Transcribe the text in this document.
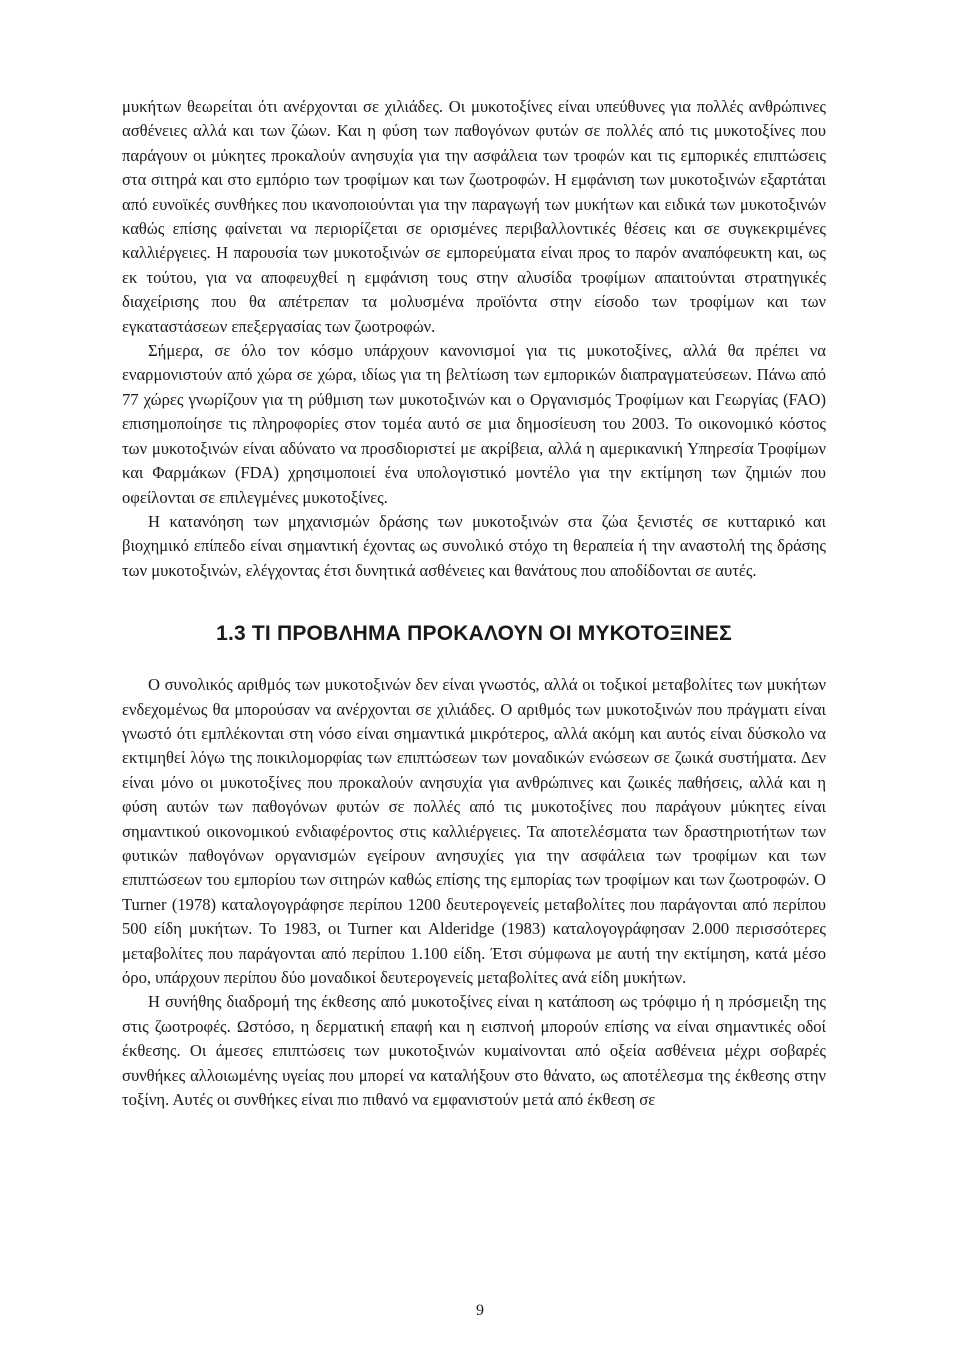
μυκήτων θεωρείται ότι ανέρχονται σε χιλιάδες. Οι μυκοτοξίνες είναι υπεύθυνες για πολλές ανθρώπινες ασθένειες αλλά και των ζώων. Και η φύση των παθογόνων φυτών σε πολλές από τις μυκοτοξίνες που παράγουν οι μύκητες προκαλούν ανησυχία για την ασφάλεια των τροφών και τις εμπορικές επιπτώσεις στα σιτηρά και στο εμπόριο των τροφίμων και των ζωοτροφών. Η εμφάνιση των μυκοτοξινών εξαρτάται από ευνοϊκές συνθήκες που ικανοποιούνται για την παραγωγή των μυκήτων και ειδικά των μυκοτοξινών καθώς επίσης φαίνεται να περιορίζεται σε ορισμένες περιβαλλοντικές θέσεις και σε συγκεκριμένες καλλιέργειες. Η παρουσία των μυκοτοξινών σε εμπορεύματα είναι προς το παρόν αναπόφευκτη και, ως εκ τούτου, για να αποφευχθεί η εμφάνιση τους στην αλυσίδα τροφίμων απαιτούνται στρατηγικές διαχείρισης που θα απέτρεπαν τα μολυσμένα προϊόντα στην είσοδο των τροφίμων και των εγκαταστάσεων επεξεργασίας των ζωοτροφών.

Σήμερα, σε όλο τον κόσμο υπάρχουν κανονισμοί για τις μυκοτοξίνες, αλλά θα πρέπει να εναρμονιστούν από χώρα σε χώρα, ιδίως για τη βελτίωση των εμπορικών διαπραγματεύσεων. Πάνω από 77 χώρες γνωρίζουν για τη ρύθμιση των μυκοτοξινών και ο Οργανισμός Τροφίμων και Γεωργίας (FAO) επισημοποίησε τις πληροφορίες στον τομέα αυτό σε μια δημοσίευση του 2003. Το οικονομικό κόστος των μυκοτοξινών είναι αδύνατο να προσδιοριστεί με ακρίβεια, αλλά η αμερικανική Υπηρεσία Τροφίμων και Φαρμάκων (FDA) χρησιμοποιεί ένα υπολογιστικό μοντέλο για την εκτίμηση των ζημιών που οφείλονται σε επιλεγμένες μυκοτοξίνες.

Η κατανόηση των μηχανισμών δράσης των μυκοτοξινών στα ζώα ξενιστές σε κυτταρικό και βιοχημικό επίπεδο είναι σημαντική έχοντας ως συνολικό στόχο τη θεραπεία ή την αναστολή της δράσης των μυκοτοξινών, ελέγχοντας έτσι δυνητικά ασθένειες και θανάτους που αποδίδονται σε αυτές.

1.3 ΤΙ ΠΡΟΒΛΗΜΑ ΠΡΟΚΑΛΟΥΝ ΟΙ ΜΥΚΟΤΟΞΙΝΕΣ

Ο συνολικός αριθμός των μυκοτοξινών δεν είναι γνωστός, αλλά οι τοξικοί μεταβολίτες των μυκήτων ενδεχομένως θα μπορούσαν να ανέρχονται σε χιλιάδες. Ο αριθμός των μυκοτοξινών που πράγματι είναι γνωστό ότι εμπλέκονται στη νόσο είναι σημαντικά μικρότερος, αλλά ακόμη και αυτός είναι δύσκολο να εκτιμηθεί λόγω της ποικιλομορφίας των επιπτώσεων των μοναδικών ενώσεων σε ζωικά συστήματα. Δεν είναι μόνο οι μυκοτοξίνες που προκαλούν ανησυχία για ανθρώπινες και ζωικές παθήσεις, αλλά και η φύση αυτών των παθογόνων φυτών σε πολλές από τις μυκοτοξίνες που παράγουν μύκητες είναι σημαντικού οικονομικού ενδιαφέροντος στις καλλιέργειες. Τα αποτελέσματα των δραστηριοτήτων των φυτικών παθογόνων οργανισμών εγείρουν ανησυχίες για την ασφάλεια των τροφίμων και των επιπτώσεων του εμπορίου των σιτηρών καθώς επίσης της εμπορίας των τροφίμων και των ζωοτροφών. Ο Turner (1978) καταλογογράφησε περίπου 1200 δευτερογενείς μεταβολίτες που παράγονται από περίπου 500 είδη μυκήτων. Το 1983, οι Turner και Alderidge (1983) καταλογογράφησαν 2.000 περισσότερες μεταβολίτες που παράγονται από περίπου 1.100 είδη. Έτσι σύμφωνα με αυτή την εκτίμηση, κατά μέσο όρο, υπάρχουν περίπου δύο μοναδικοί δευτερογενείς μεταβολίτες ανά είδη μυκήτων.

Η συνήθης διαδρομή της έκθεσης από μυκοτοξίνες είναι η κατάποση ως τρόφιμο ή η πρόσμειξη της στις ζωοτροφές. Ωστόσο, η δερματική επαφή και η εισπνοή μπορούν επίσης να είναι σημαντικές οδοί έκθεσης. Οι άμεσες επιπτώσεις των μυκοτοξινών κυμαίνονται από οξεία ασθένεια μέχρι σοβαρές συνθήκες αλλοιωμένης υγείας που μπορεί να καταλήξουν στο θάνατο, ως αποτέλεσμα της έκθεσης στην τοξίνη. Αυτές οι συνθήκες είναι πιο πιθανό να εμφανιστούν μετά από έκθεση σε

9
